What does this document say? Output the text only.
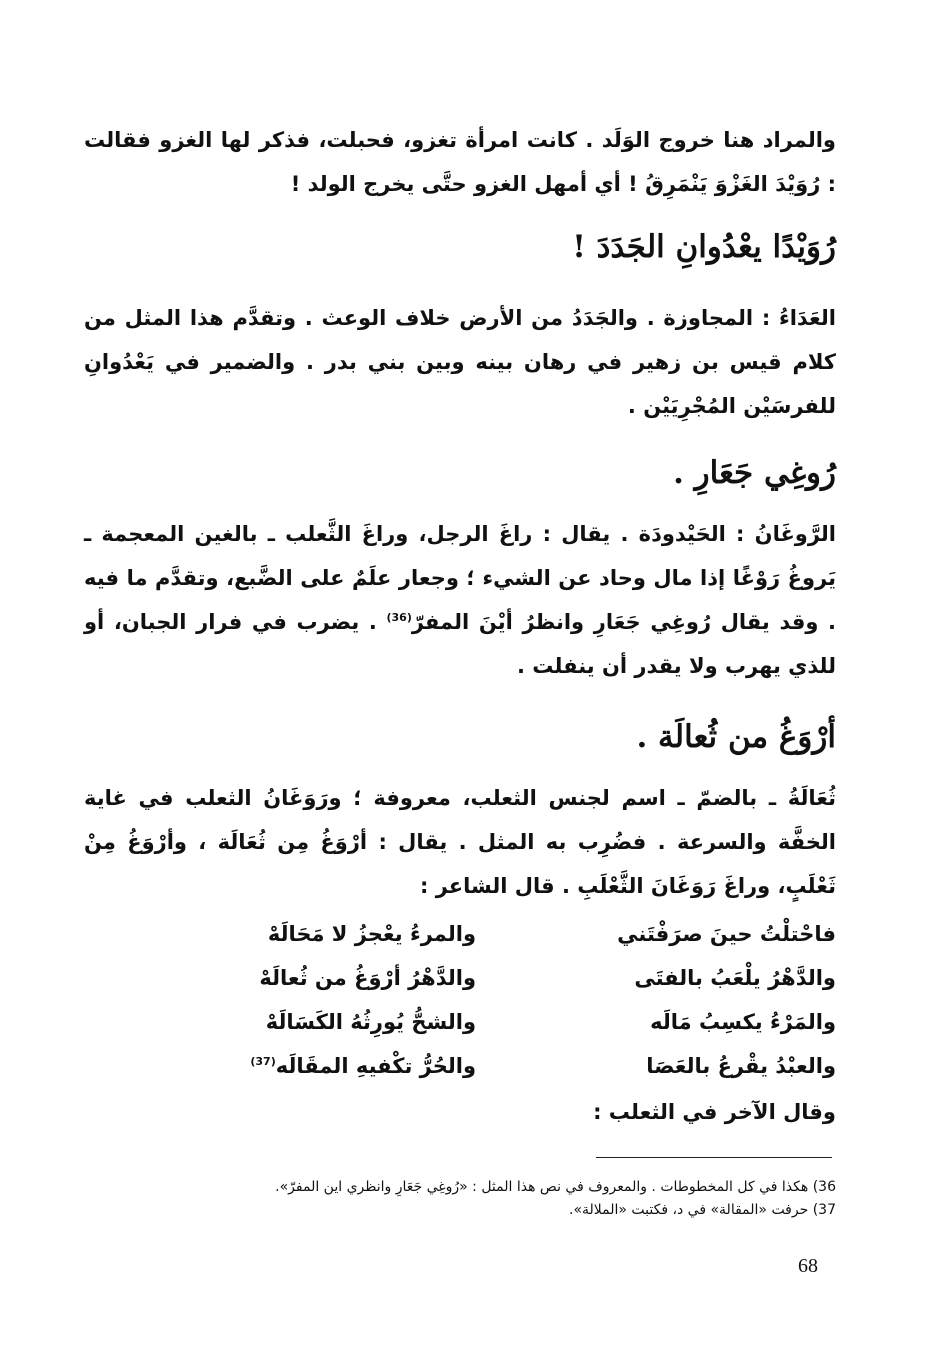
والمراد هنا خروج الوَلَد . كانت امرأة تغزو، فحبلت، فذكر لها الغزو فقالت : رُوَيْدَ الغَزْوَ يَنْمَرِقُ ! أي أمهل الغزو حتَّى يخرج الولد !

رُوَيْدًا يعْدُوانِ الجَدَدَ !

العَدَاءُ : المجاوزة . والجَدَدُ من الأرض خلاف الوعث . وتقدَّم هذا المثل من كلام قيس بن زهير في رهان بينه وبين بني بدر . والضمير في يَعْدُوانِ للفرسَيْن المُجْرِيَيْن .

رُوغِي جَعَارِ .

الرَّوغَانُ : الحَيْدودَة . يقال : راغَ الرجل، وراغَ الثَّعلب ـ بالغين المعجمة ـ يَروغُ رَوْغًا إذا مال وحاد عن الشيء ؛ وجعار علَمٌ على الضَّبع، وتقدَّم ما فيه . وقد يقال رُوغِي جَعَارِ وانظرُ أيْنَ المفرّ$^{(36)}$ . يضرب في فرار الجبان، أو للذي يهرب ولا يقدر أن ينفلت .

أرْوَغُ من ثُعالَة .

ثُعَالَةُ ـ بالضمّ ـ اسم لجنس الثعلب، معروفة ؛ ورَوَغَانُ الثعلب في غاية الخفَّة والسرعة . فضُرِب به المثل . يقال : أرْوَغُ مِن ثُعَالَة ، وأرْوَغُ مِنْ ثَعْلَبٍ، وراغَ رَوَغَانَ الثَّعْلَبِ . قال الشاعر :

فاحْتلْتُ حينَ صرَفْتَني
والمرءُ يعْجزُ لا مَحَالَهْ
والدَّهْرُ يلْعَبُ بالفتَى
والدَّهْرُ أرْوَغُ من ثُعالَهْ
والمَرْءُ يكسِبُ مَالَه
والشحُّ يُورِثُهُ الكَسَالَهْ
والعبْدُ يقْرعُ بالعَصَا
والحُرُّ تكْفيهِ المقَالَه$^{(37)}$

وقال الآخر في الثعلب :

36) هكذا في كل المخطوطات . والمعروف في نص هذا المثل : «رُوغِي جَعَارِ وانظري اين المفرّ».

37) حرفت «المقالة» في د، فكتبت «الملالة».

68
